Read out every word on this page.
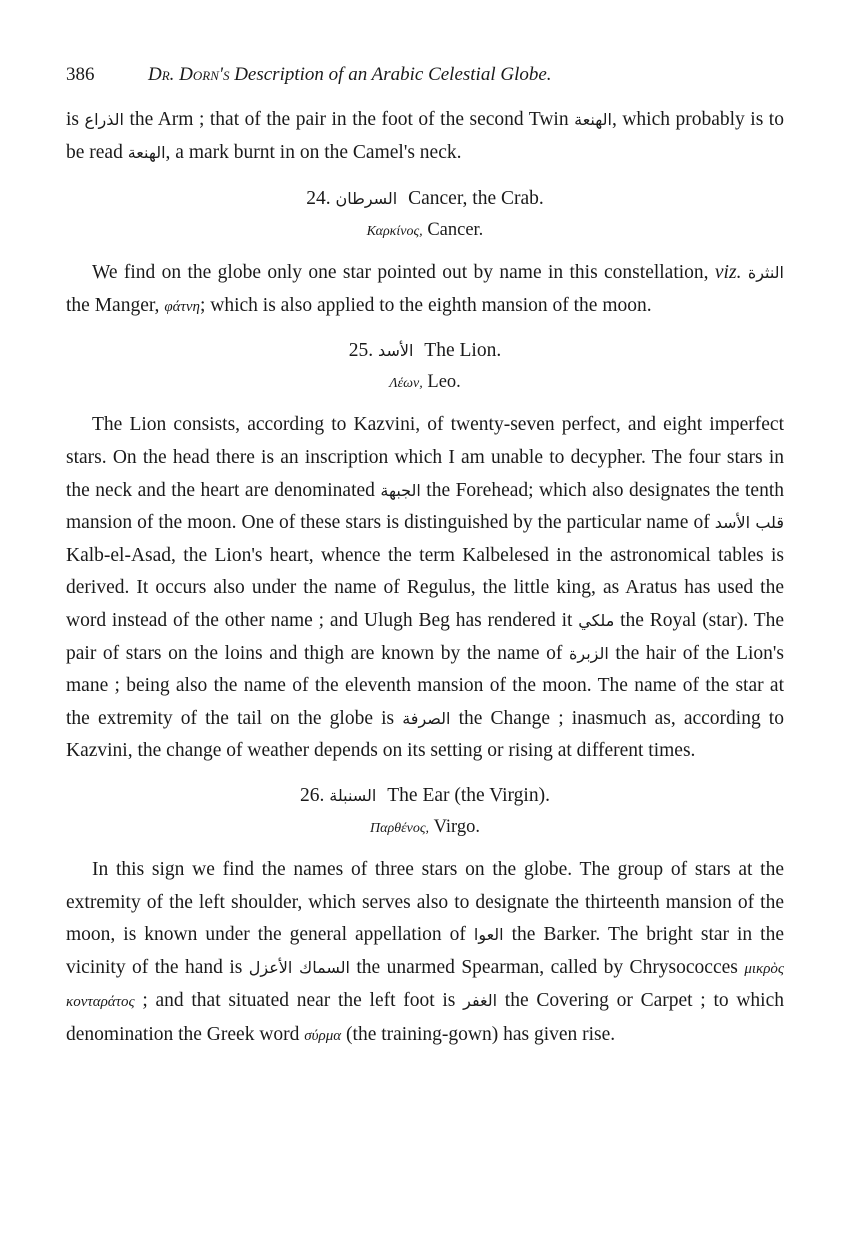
386	Dr. Dorn's Description of an Arabic Celestial Globe.

is الذراع the Arm ; that of the pair in the foot of the second Twin الهنعة, which probably is to be read الهنعة, a mark burnt in on the Camel's neck.

24. السرطان Cancer, the Crab.

Καρκίνος, Cancer.

We find on the globe only one star pointed out by name in this constellation, viz. النثرة the Manger, φάτνη; which is also applied to the eighth mansion of the moon.

25. الأسد The Lion.

Λέων, Leo.

The Lion consists, according to Kazvini, of twenty-seven perfect, and eight imperfect stars. On the head there is an inscription which I am unable to decypher. The four stars in the neck and the heart are denominated الجبهة the Forehead; which also designates the tenth mansion of the moon. One of these stars is distinguished by the particular name of قلب الأسد Kalb-el-Asad, the Lion's heart, whence the term Kalbelesed in the astronomical tables is derived. It occurs also under the name of Regulus, the little king, as Aratus has used the word instead of the other name ; and Ulugh Beg has rendered it ملكي the Royal (star). The pair of stars on the loins and thigh are known by the name of الزبرة the hair of the Lion's mane ; being also the name of the eleventh mansion of the moon. The name of the star at the extremity of the tail on the globe is الصرفة the Change ; inasmuch as, according to Kazvini, the change of weather depends on its setting or rising at different times.

26. السنبلة The Ear (the Virgin).

Παρθένος, Virgo.

In this sign we find the names of three stars on the globe. The group of stars at the extremity of the left shoulder, which serves also to designate the thirteenth mansion of the moon, is known under the general appellation of العوا the Barker. The bright star in the vicinity of the hand is السماك الأعزل the unarmed Spearman, called by Chrysococces μικρὸς κονταράτος ; and that situated near the left foot is الغفر the Covering or Carpet ; to which denomination the Greek word σύρμα (the training-gown) has given rise.
